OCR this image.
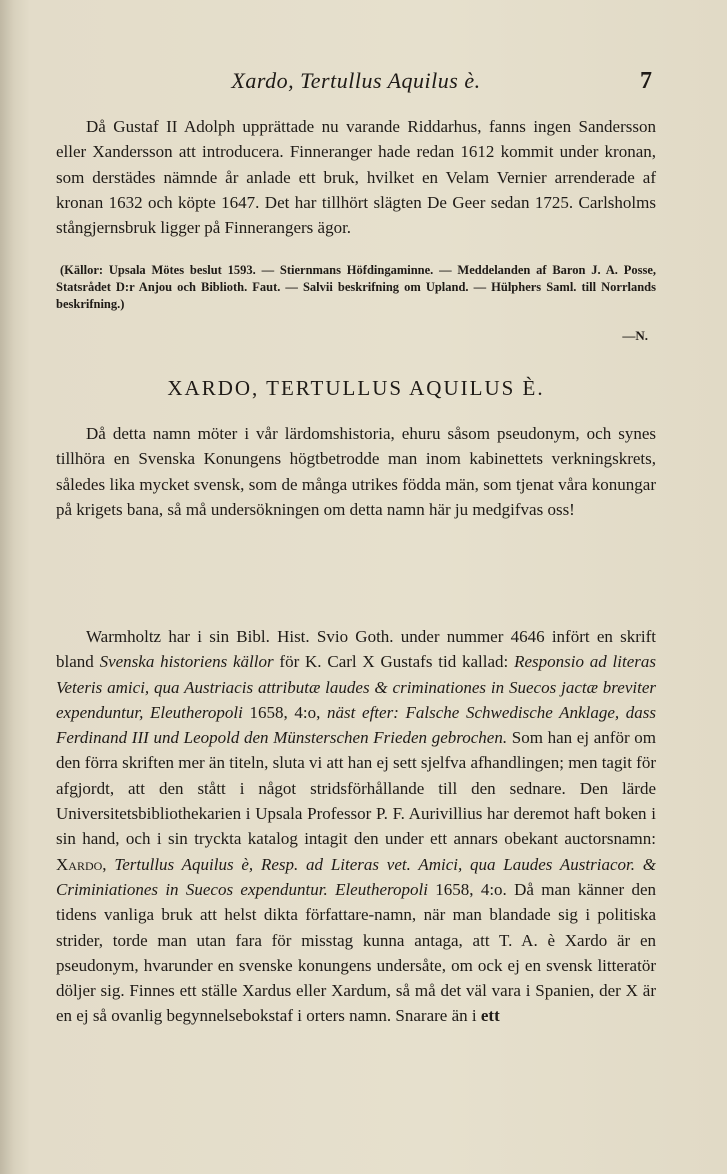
Xardo, Tertullus Aquilus è.	7

Då Gustaf II Adolph upprättade nu varande Riddarhus, fanns ingen Sandersson eller Xandersson att introducera. Finneranger hade redan 1612 kommit under kronan, som derstädes nämnde år anlade ett bruk, hvilket en Velam Vernier arrenderade af kronan 1632 och köpte 1647. Det har tillhört slägten De Geer sedan 1725. Carlsholms stångjernsbruk ligger på Finnerangers ägor.

(Källor: Upsala Mötes beslut 1593. — Stiernmans Höfdingaminne. — Meddelanden af Baron J. A. Posse, Statsrådet D:r Anjou och Biblioth. Faut. — Salvii beskrifning om Upland. — Hülphers Saml. till Norrlands beskrifning.)

—N.
XARDO, TERTULLUS AQUILUS È.

Då detta namn möter i vår lärdomshistoria, ehuru såsom pseudonym, och synes tillhöra en Svenska Konungens högtbetrodde man inom kabinettets verkningskrets, således lika mycket svensk, som de många utrikes födda män, som tjenat våra konungar på krigets bana, så må undersökningen om detta namn här ju medgifvas oss!

Warmholtz har i sin Bibl. Hist. Svio Goth. under nummer 4646 infört en skrift bland Svenska historiens källor för K. Carl X Gustafs tid kallad: Responsio ad literas Veteris amici, qua Austriacis attributæ laudes & criminationes in Suecos jactæ breviter expenduntur, Eleutheropoli 1658, 4:o, näst efter: Falsche Schwedische Anklage, dass Ferdinand III und Leopold den Münsterschen Frieden gebrochen. Som han ej anför om den förra skriften mer än titeln, sluta vi att han ej sett sjelfva afhandlingen; men tagit för afgjordt, att den stått i något stridsförhållande till den sednare. Den lärde Universitetsbibliothekarien i Upsala Professor P. F. Aurivillius har deremot haft boken i sin hand, och i sin tryckta katalog intagit den under ett annars obekant auctorsnamn: Xardo, Tertullus Aquilus è, Resp. ad Literas vet. Amici, qua Laudes Austriacor. & Criminiationes in Suecos expenduntur. Eleutheropoli 1658, 4:o. Då man känner den tidens vanliga bruk att helst dikta författare-namn, när man blandade sig i politiska strider, torde man utan fara för misstag kunna antaga, att T. A. è Xardo är en pseudonym, hvarunder en svenske konungens undersåte, om ock ej en svensk litteratör döljer sig. Finnes ett ställe Xardus eller Xardum, så må det väl vara i Spanien, der X är en ej så ovanlig begynnelsebokstaf i orters namn. Snarare än i ett
